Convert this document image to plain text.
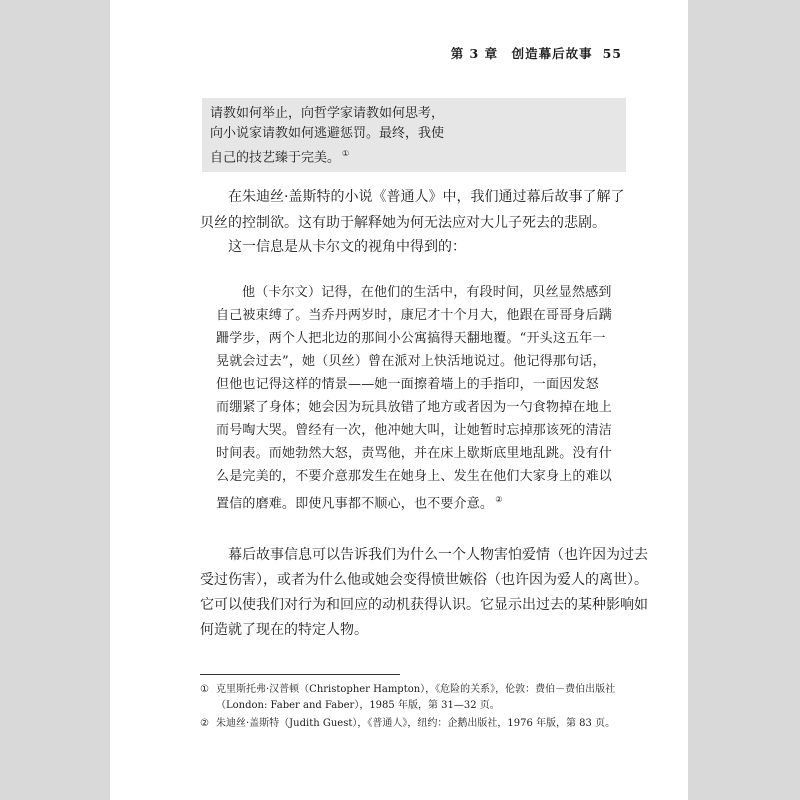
第 3 章　创造幕后故事 55
请教如何举止，向哲学家请教如何思考，
向小说家请教如何逃避惩罚。最终，我使
自己的技艺臻于完美。 ①
在朱迪丝·盖斯特的小说《普通人》中，我们通过幕后故事了解了
贝丝的控制欲。这有助于解释她为何无法应对大儿子死去的悲剧。
这一信息是从卡尔文的视角中得到的：
他（卡尔文）记得，在他们的生活中，有段时间，贝丝显然感到
自己被束缚了。当乔丹两岁时，康尼才十个月大，他跟在哥哥身后蹒
跚学步，两个人把北边的那间小公寓搞得天翻地覆。“开头这五年一
晃就会过去”，她（贝丝）曾在派对上快活地说过。他记得那句话，
但他也记得这样的情景——她一面擦着墙上的手指印，一面因发怒
而绷紧了身体；她会因为玩具放错了地方或者因为一勺食物掉在地上
而号啕大哭。曾经有一次，他冲她大叫，让她暂时忘掉那该死的清洁
时间表。而她勃然大怒，责骂他，并在床上歇斯底里地乱跳。没有什
么是完美的，不要介意那发生在她身上、发生在他们大家身上的难以
置信的磨难。即使凡事都不顺心，也不要介意。 ②
幕后故事信息可以告诉我们为什么一个人物害怕爱情（也许因为过去
受过伤害），或者为什么他或她会变得愤世嫉俗（也许因为爱人的离世）。
它可以使我们对行为和回应的动机获得认识。它显示出过去的某种影响如
何造就了现在的特定人物。
① 克里斯托弗·汉普顿（Christopher Hampton），《危险的关系》，伦敦：费伯－费伯出版社
（London: Faber and Faber），1985 年版，第 31—32 页。
② 朱迪丝·盖斯特（Judith Guest），《普通人》，纽约：企鹅出版社，1976 年版，第 83 页。
